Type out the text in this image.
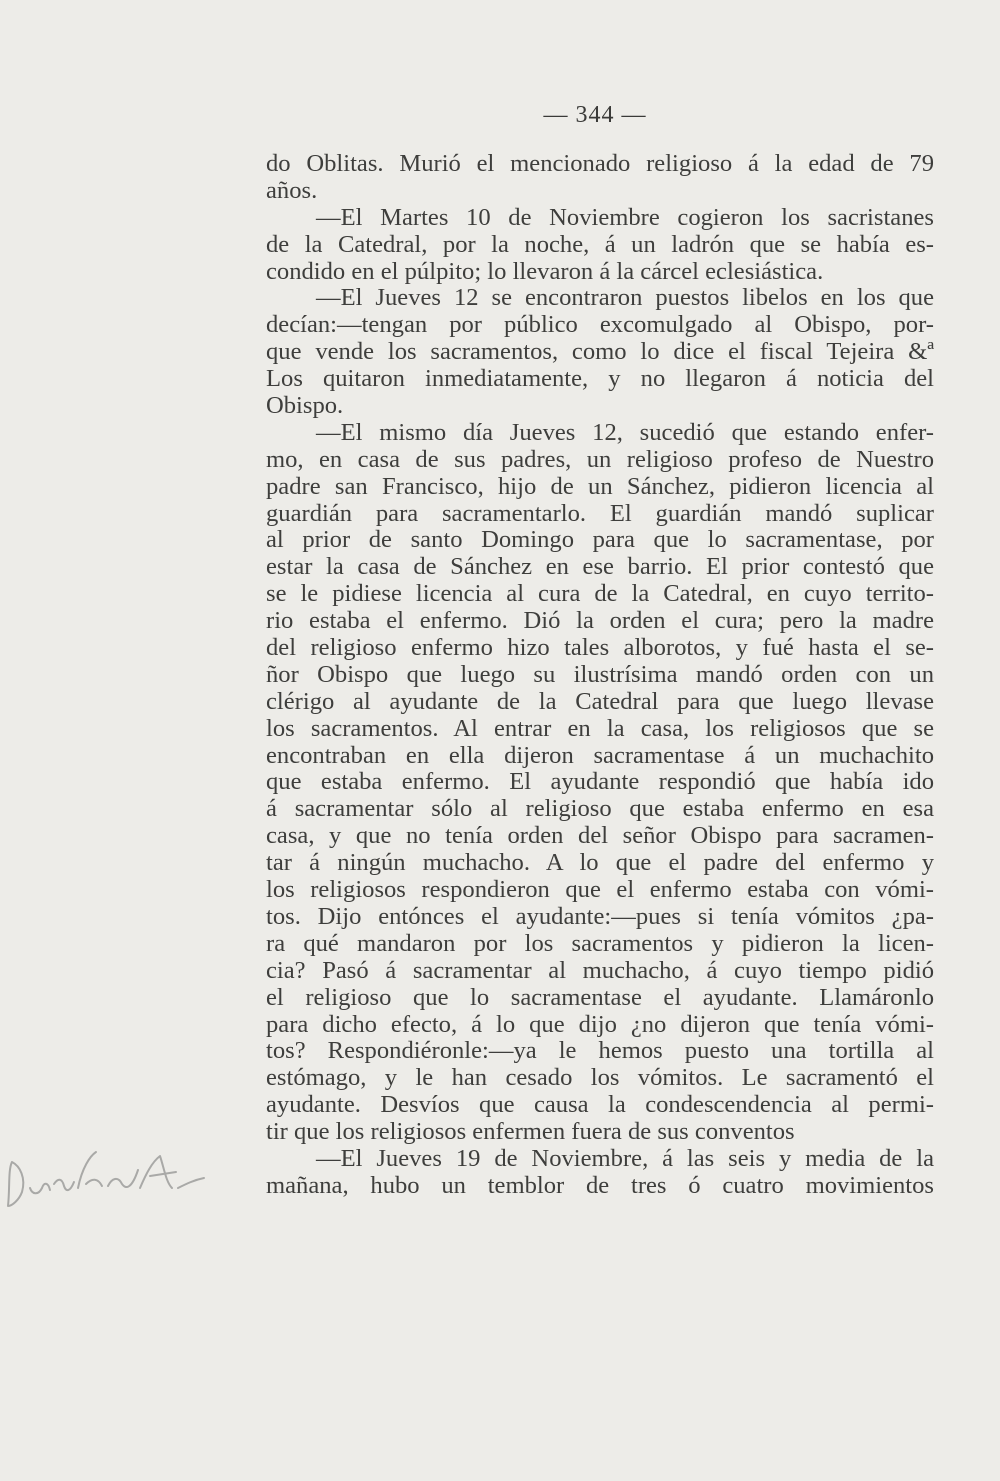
— 344 —
do Oblitas. Murió el mencionado religioso á la edad de 79
años.
—El Martes 10 de Noviembre cogieron los sacristanes
de la Catedral, por la noche, á un ladrón que se había es-
condido en el púlpito; lo llevaron á la cárcel eclesiástica.
—El Jueves 12 se encontraron puestos libelos en los que
decían:—tengan por público excomulgado al Obispo, por-
que vende los sacramentos, como lo dice el fiscal Tejeira &ª
Los quitaron inmediatamente, y no llegaron á noticia del
Obispo.
—El mismo día Jueves 12, sucedió que estando enfer-
mo, en casa de sus padres, un religioso profeso de Nuestro
padre san Francisco, hijo de un Sánchez, pidieron licencia al
guardián para sacramentarlo. El guardián mandó suplicar
al prior de santo Domingo para que lo sacramentase, por
estar la casa de Sánchez en ese barrio. El prior contestó que
se le pidiese licencia al cura de la Catedral, en cuyo territo-
rio estaba el enfermo. Dió la orden el cura; pero la madre
del religioso enfermo hizo tales alborotos, y fué hasta el se-
ñor Obispo que luego su ilustrísima mandó orden con un
clérigo al ayudante de la Catedral para que luego llevase
los sacramentos. Al entrar en la casa, los religiosos que se
encontraban en ella dijeron sacramentase á un muchachito
que estaba enfermo. El ayudante respondió que había ido
á sacramentar sólo al religioso que estaba enfermo en esa
casa, y que no tenía orden del señor Obispo para sacramen-
tar á ningún muchacho. A lo que el padre del enfermo y
los religiosos respondieron que el enfermo estaba con vómi-
tos. Dijo entónces el ayudante:—pues si tenía vómitos ¿pa-
ra qué mandaron por los sacramentos y pidieron la licen-
cia? Pasó á sacramentar al muchacho, á cuyo tiempo pidió
el religioso que lo sacramentase el ayudante. Llamáronlo
para dicho efecto, á lo que dijo ¿no dijeron que tenía vómi-
tos? Respondiéronle:—ya le hemos puesto una tortilla al
estómago, y le han cesado los vómitos. Le sacramentó el
ayudante. Desvíos que causa la condescendencia al permi-
tir que los religiosos enfermen fuera de sus conventos
—El Jueves 19 de Noviembre, á las seis y media de la
mañana, hubo un temblor de tres ó cuatro movimientos
